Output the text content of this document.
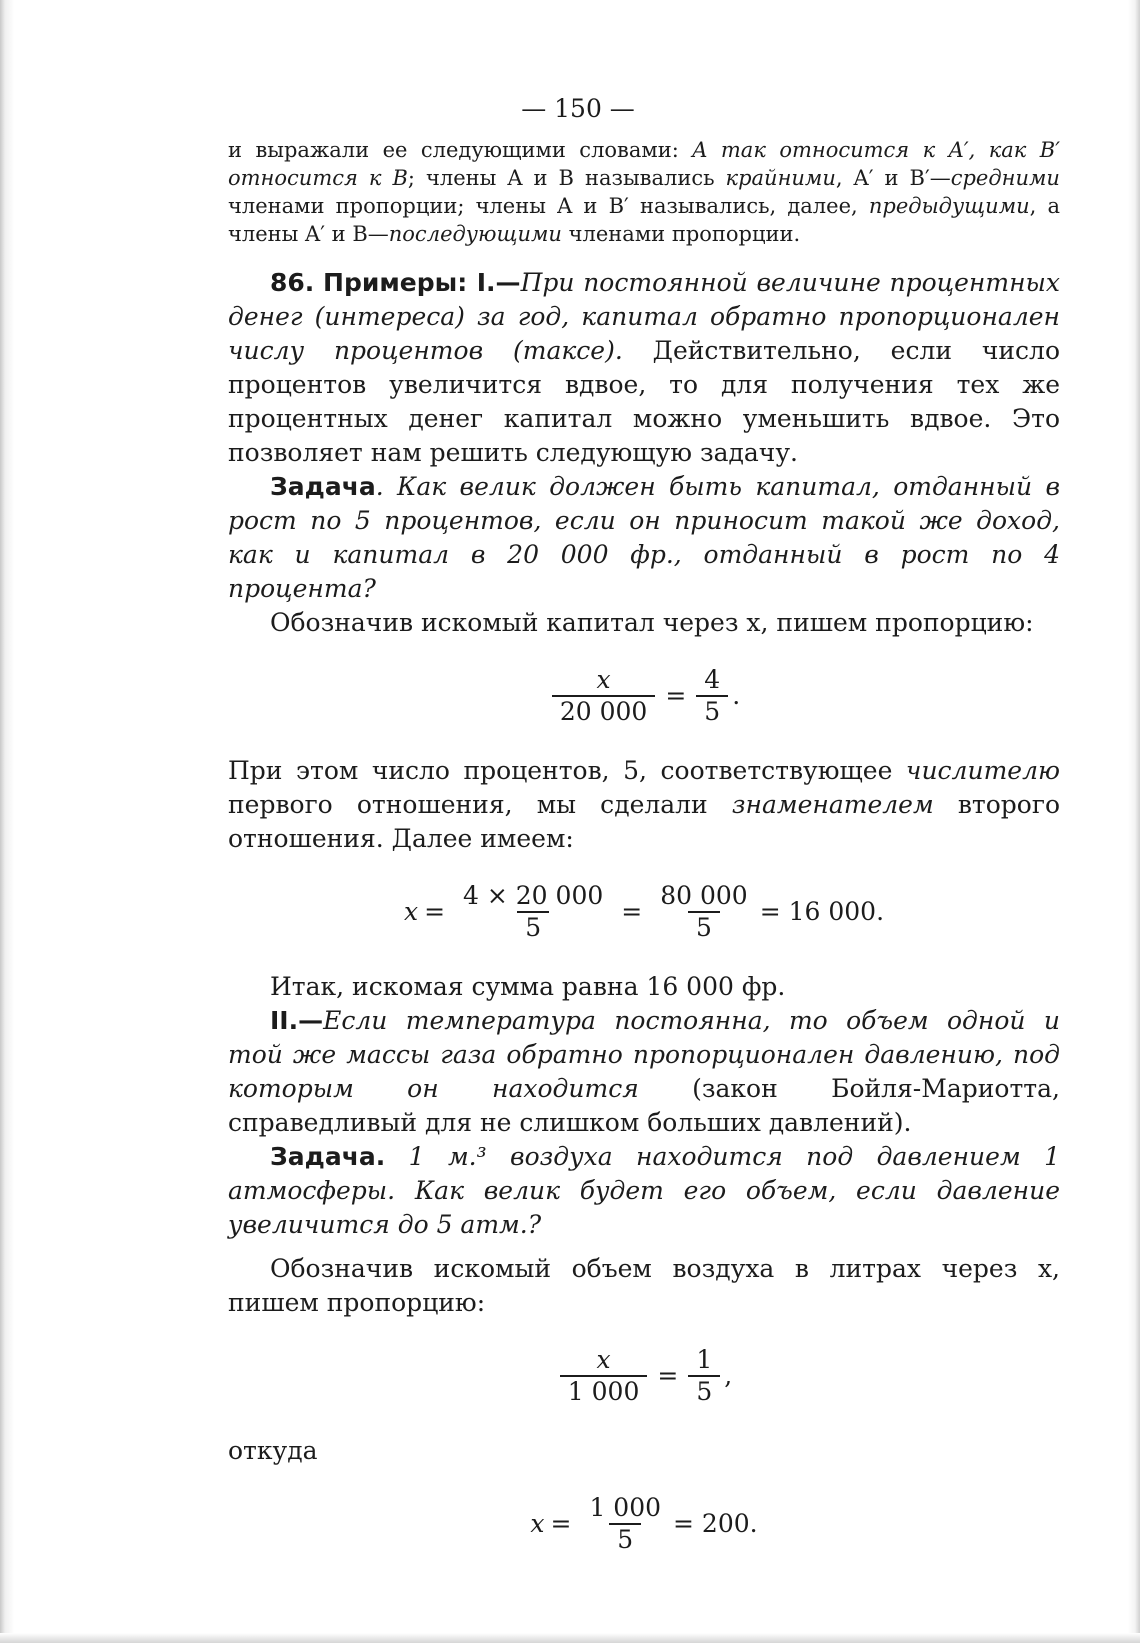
— 150 —

и выражали ее следующими словами: A так относится к A′, как B′ относится к B; члены A и B назывались крайними, A′ и B′—средними членами пропорции; члены A и B′ назывались, далее, предыдущими, а члены A′ и B—последующими членами пропорции.

86. Примеры: I.—При постоянной величине процентных денег (интереса) за год, капитал обратно пропорционален числу процентов (таксе). Действительно, если число процентов увеличится вдвое, то для получения тех же процентных денег капитал можно уменьшить вдвое. Это позволяет нам решить следующую задачу.

Задача. Как велик должен быть капитал, отданный в рост по 5 процентов, если он приносит такой же доход, как и капитал в 20 000 фр., отданный в рост по 4 процента?

Обозначив искомый капитал через x, пишем пропорцию:

$\frac{x}{20 000} = \frac{4}{5}$ .

При этом число процентов, 5, соответствующее числителю первого отношения, мы сделали знаменателем второго отношения. Далее имеем:

$x = \frac{4 \times 20 000}{5} = \frac{80 000}{5} = 16$ 000.

Итак, искомая сумма равна 16 000 фр.

II.—Если температура постоянна, то объем одной и той же массы газа обратно пропорционален давлению, под которым он находится (закон Бойля-Мариотта, справедливый для не слишком больших давлений).

Задача. 1 м.³ воздуха находится под давлением 1 атмосферы. Как велик будет его объем, если давление увеличится до 5 атм.?

Обозначив искомый объем воздуха в литрах через x, пишем пропорцию:

$\frac{x}{1 000} = \frac{1}{5}$ ,

откуда

$x = \frac{1 000}{5} = 200$.
